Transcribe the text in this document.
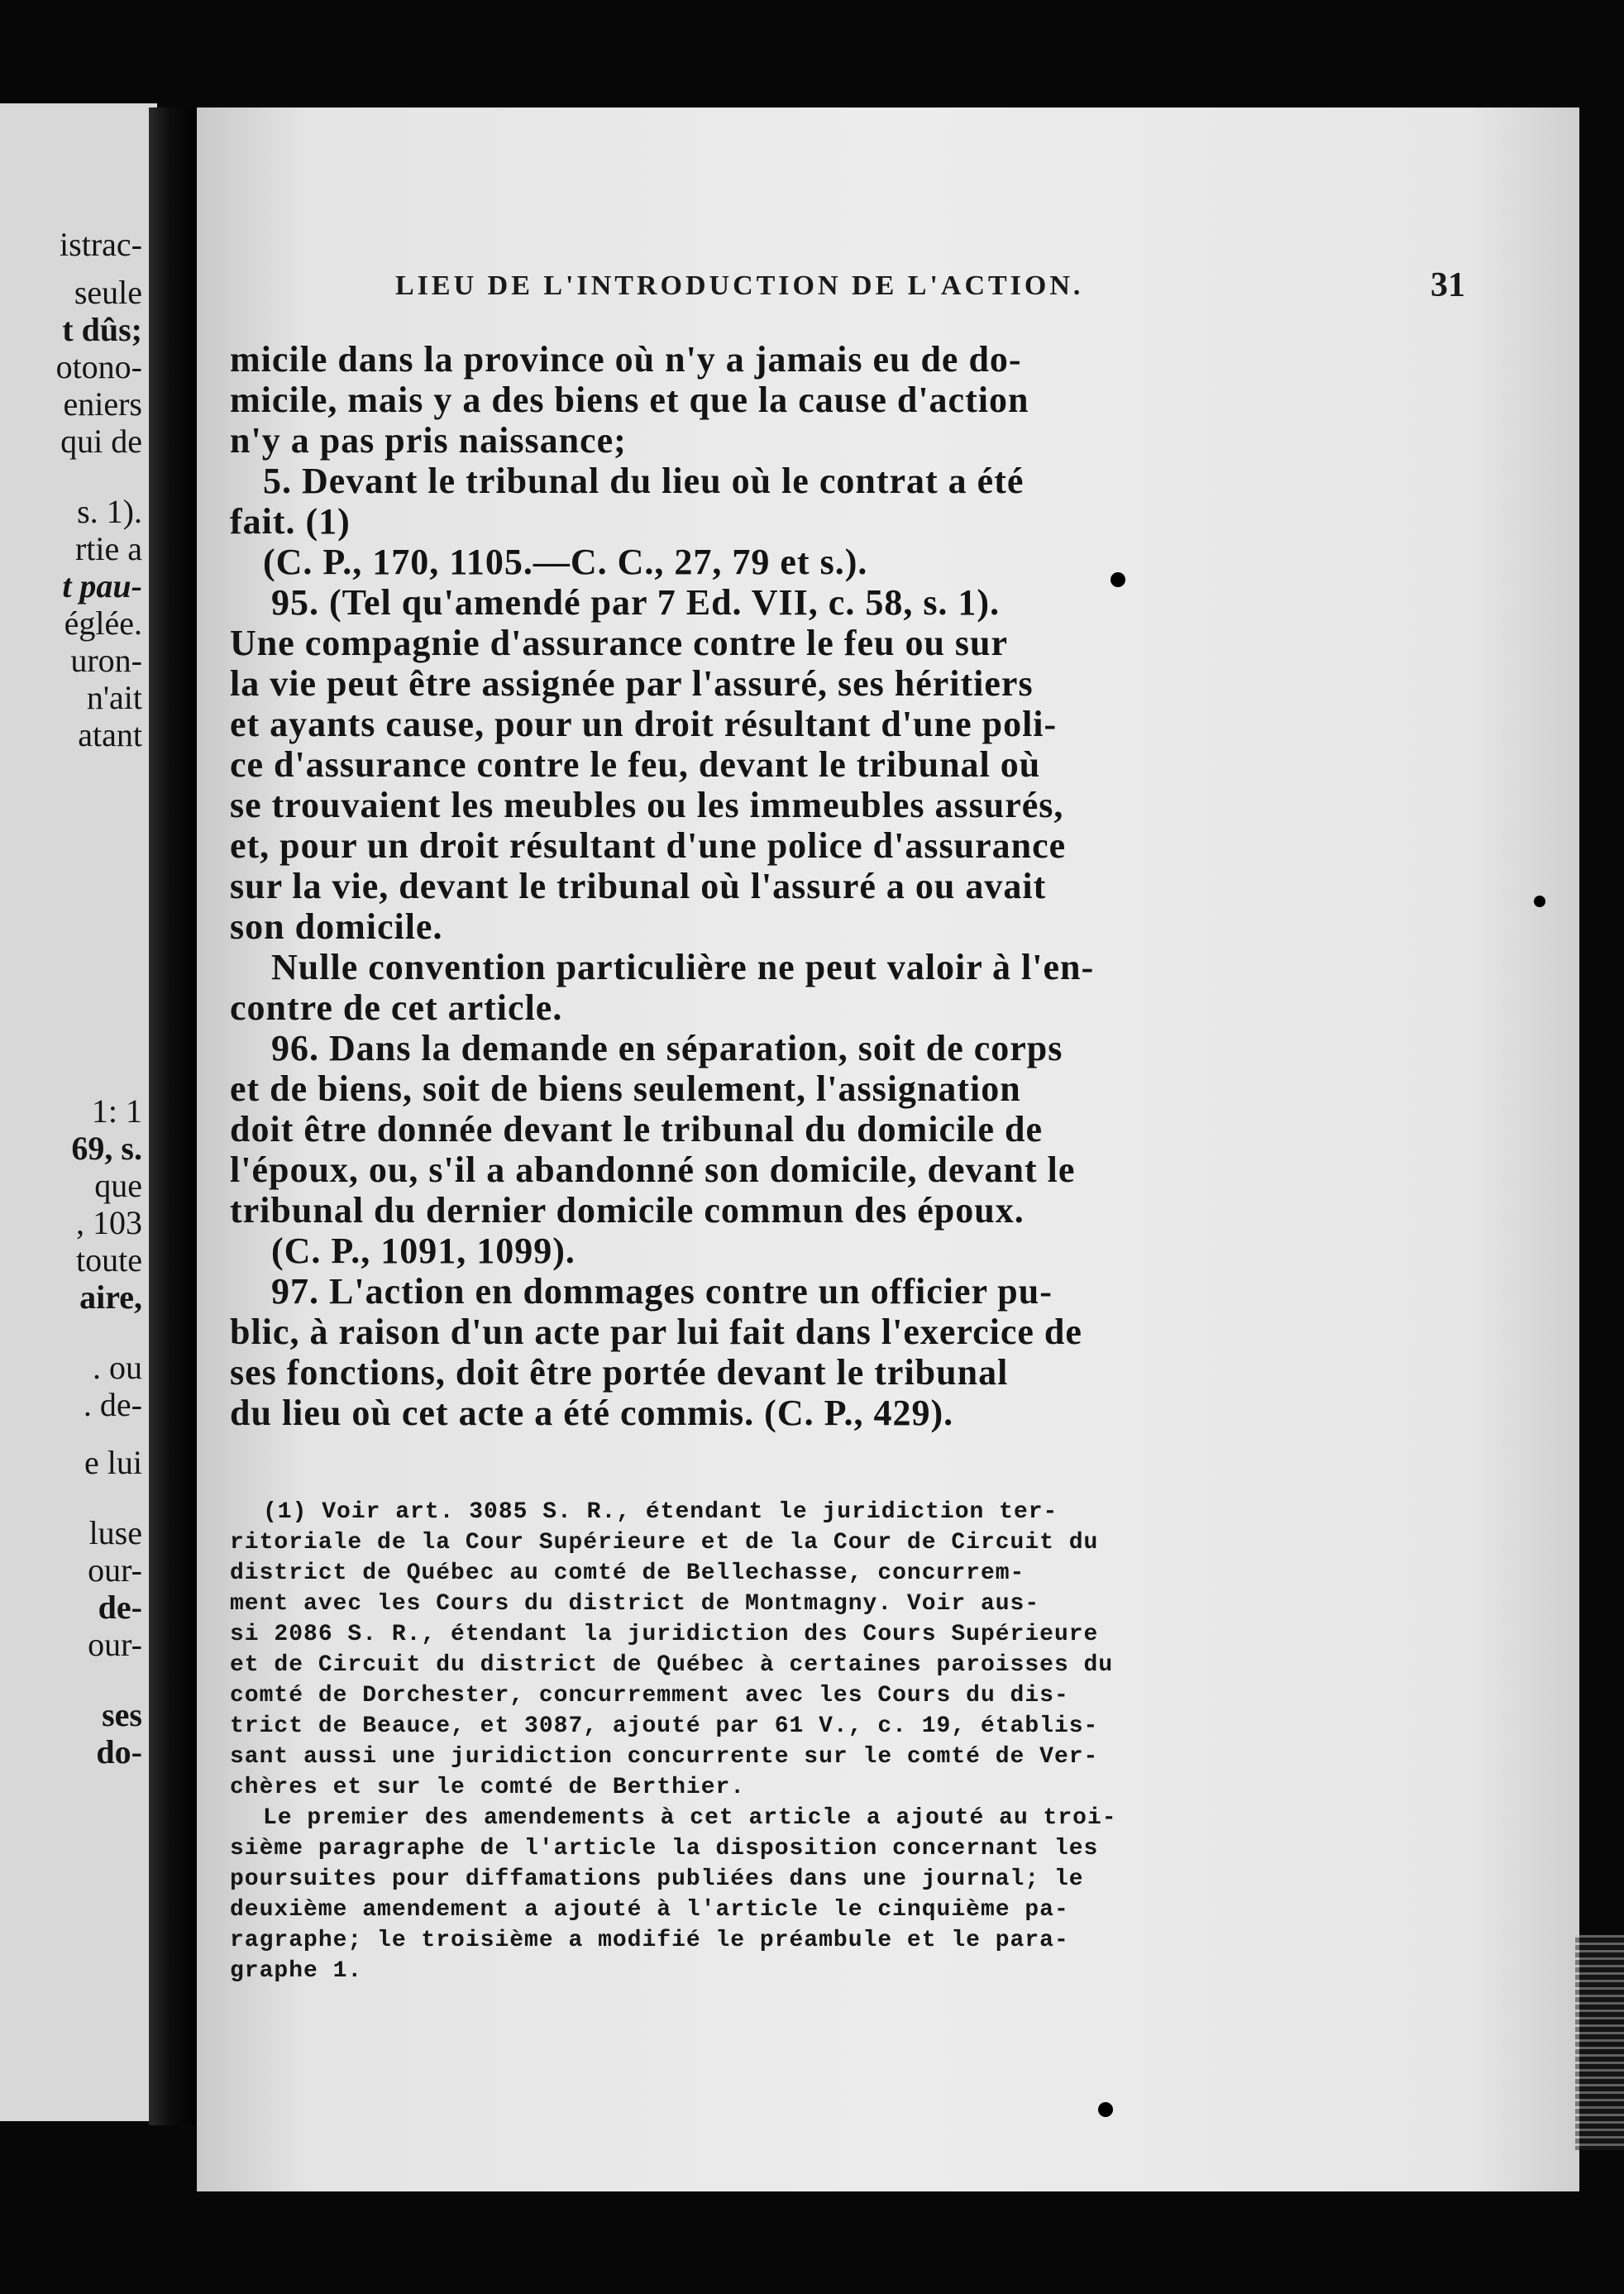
istrac-
seule
t dûs;
otono-
eniers
qui de
s. 1).
rtie a
t pau-
églée.
uron-
n'ait
atant
1: 1
69, s.
que
, 103
toute
aire,
. ou
. de-
e lui
luse
our-
de-
our-
ses
do-
LIEU DE L'INTRODUCTION DE L'ACTION.	31
micile dans la province où n'y a jamais eu de do-
micile, mais y a des biens et que la cause d'action
n'y a pas pris naissance;
5. Devant le tribunal du lieu où le contrat a été
fait. (1)
(C. P., 170, 1105.—C. C., 27, 79 et s.).
95. (Tel qu'amendé par 7 Ed. VII, c. 58, s. 1).
Une compagnie d'assurance contre le feu ou sur
la vie peut être assignée par l'assuré, ses héritiers
et ayants cause, pour un droit résultant d'une poli-
ce d'assurance contre le feu, devant le tribunal où
se trouvaient les meubles ou les immeubles assurés,
et, pour un droit résultant d'une police d'assurance
sur la vie, devant le tribunal où l'assuré a ou avait
son domicile.
Nulle convention particulière ne peut valoir à l'en-
contre de cet article.
96. Dans la demande en séparation, soit de corps
et de biens, soit de biens seulement, l'assignation
doit être donnée devant le tribunal du domicile de
l'époux, ou, s'il a abandonné son domicile, devant le
tribunal du dernier domicile commun des époux.
(C. P., 1091, 1099).
97. L'action en dommages contre un officier pu-
blic, à raison d'un acte par lui fait dans l'exercice de
ses fonctions, doit être portée devant le tribunal
du lieu où cet acte a été commis. (C. P., 429).
(1) Voir art. 3085 S. R., étendant le juridiction ter-
ritoriale de la Cour Supérieure et de la Cour de Circuit du
district de Québec au comté de Bellechasse, concurrem-
ment avec les Cours du district de Montmagny. Voir aus-
si 2086 S. R., étendant la juridiction des Cours Supérieure
et de Circuit du district de Québec à certaines paroisses du
comté de Dorchester, concurremment avec les Cours du dis-
trict de Beauce, et 3087, ajouté par 61 V., c. 19, établis-
sant aussi une juridiction concurrente sur le comté de Ver-
chères et sur le comté de Berthier.
Le premier des amendements à cet article a ajouté au troi-
sième paragraphe de l'article la disposition concernant les
poursuites pour diffamations publiées dans une journal; le
deuxième amendement a ajouté à l'article le cinquième pa-
ragraphe; le troisième a modifié le préambule et le para-
graphe 1.
